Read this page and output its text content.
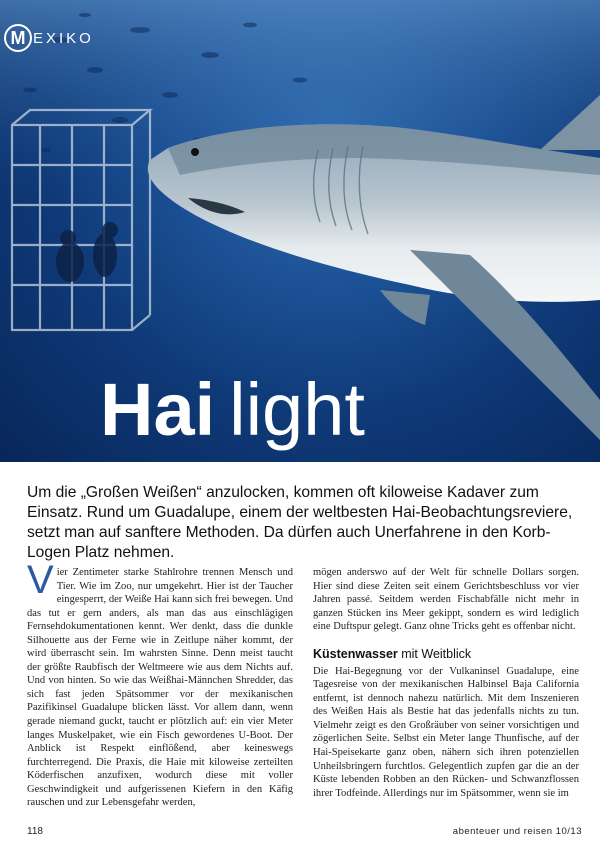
M EXIKO
Hai light
Um die „Großen Weißen“ anzulocken, kommen oft kiloweise Kadaver zum Einsatz. Rund um Guadalupe, einem der weltbesten Hai-Beobachtungsreviere, setzt man auf sanftere Methoden. Da dürfen auch Unerfahrene in den Korb-Logen Platz nehmen.

Vier Zentimeter starke Stahlrohre trennen Mensch und Tier. Wie im Zoo, nur umgekehrt. Hier ist der Taucher eingesperrt, der Weiße Hai kann sich frei bewegen. Und das tut er gern anders, als man das aus einschlägigen Fernsehdokumentationen kennt. Wer denkt, dass die dunkle Silhouette aus der Ferne wie in Zeitlupe näher kommt, der wird überrascht sein. Im wahrsten Sinne. Denn meist taucht der größte Raubfisch der Weltmeere wie aus dem Nichts auf. Und von hinten. So wie das Weißhai-Männchen Shredder, das sich fast jeden Spätsommer vor der mexikanischen Pazifikinsel Guadalupe blicken lässt. Vor allem dann, wenn gerade niemand guckt, taucht er plötzlich auf: ein vier Meter langes Muskelpaket, wie ein Fisch gewordenes U-Boot. Der Anblick ist Respekt einflößend, aber keineswegs furchterregend. Die Praxis, die Haie mit kiloweise zerteilten Köderfischen anzufixen, wodurch diese mit voller Geschwindigkeit und aufgerissenen Kiefern in den Käfig rauschen und zur Lebensgefahr werden,

mögen anderswo auf der Welt für schnelle Dollars sorgen. Hier sind diese Zeiten seit einem Gerichtsbeschluss vor vier Jahren passé. Seitdem werden Fischabfälle nicht mehr in ganzen Stücken ins Meer gekippt, sondern es wird lediglich eine Duftspur gelegt. Ganz ohne Tricks geht es offenbar nicht.

Küstenwasser mit Weitblick

Die Hai-Begegnung vor der Vulkaninsel Guadalupe, eine Tagesreise von der mexikanischen Halbinsel Baja California entfernt, ist dennoch nahezu natürlich. Mit dem Inszenieren des Weißen Hais als Bestie hat das jedenfalls nichts zu tun. Vielmehr zeigt es den Großräuber von seiner vorsichtigen und zögerlichen Seite. Selbst ein Meter lange Thunfische, auf der Hai-Speisekarte ganz oben, nähern sich ihren potenziellen Unheilsbringern furchtlos. Gelegentlich zupfen gar die an der Küste lebenden Robben an den Rücken- und Schwanzflossen ihrer Todfeinde. Allerdings nur im Spätsommer, wenn sie im

118	abenteuer und reisen 10/13
